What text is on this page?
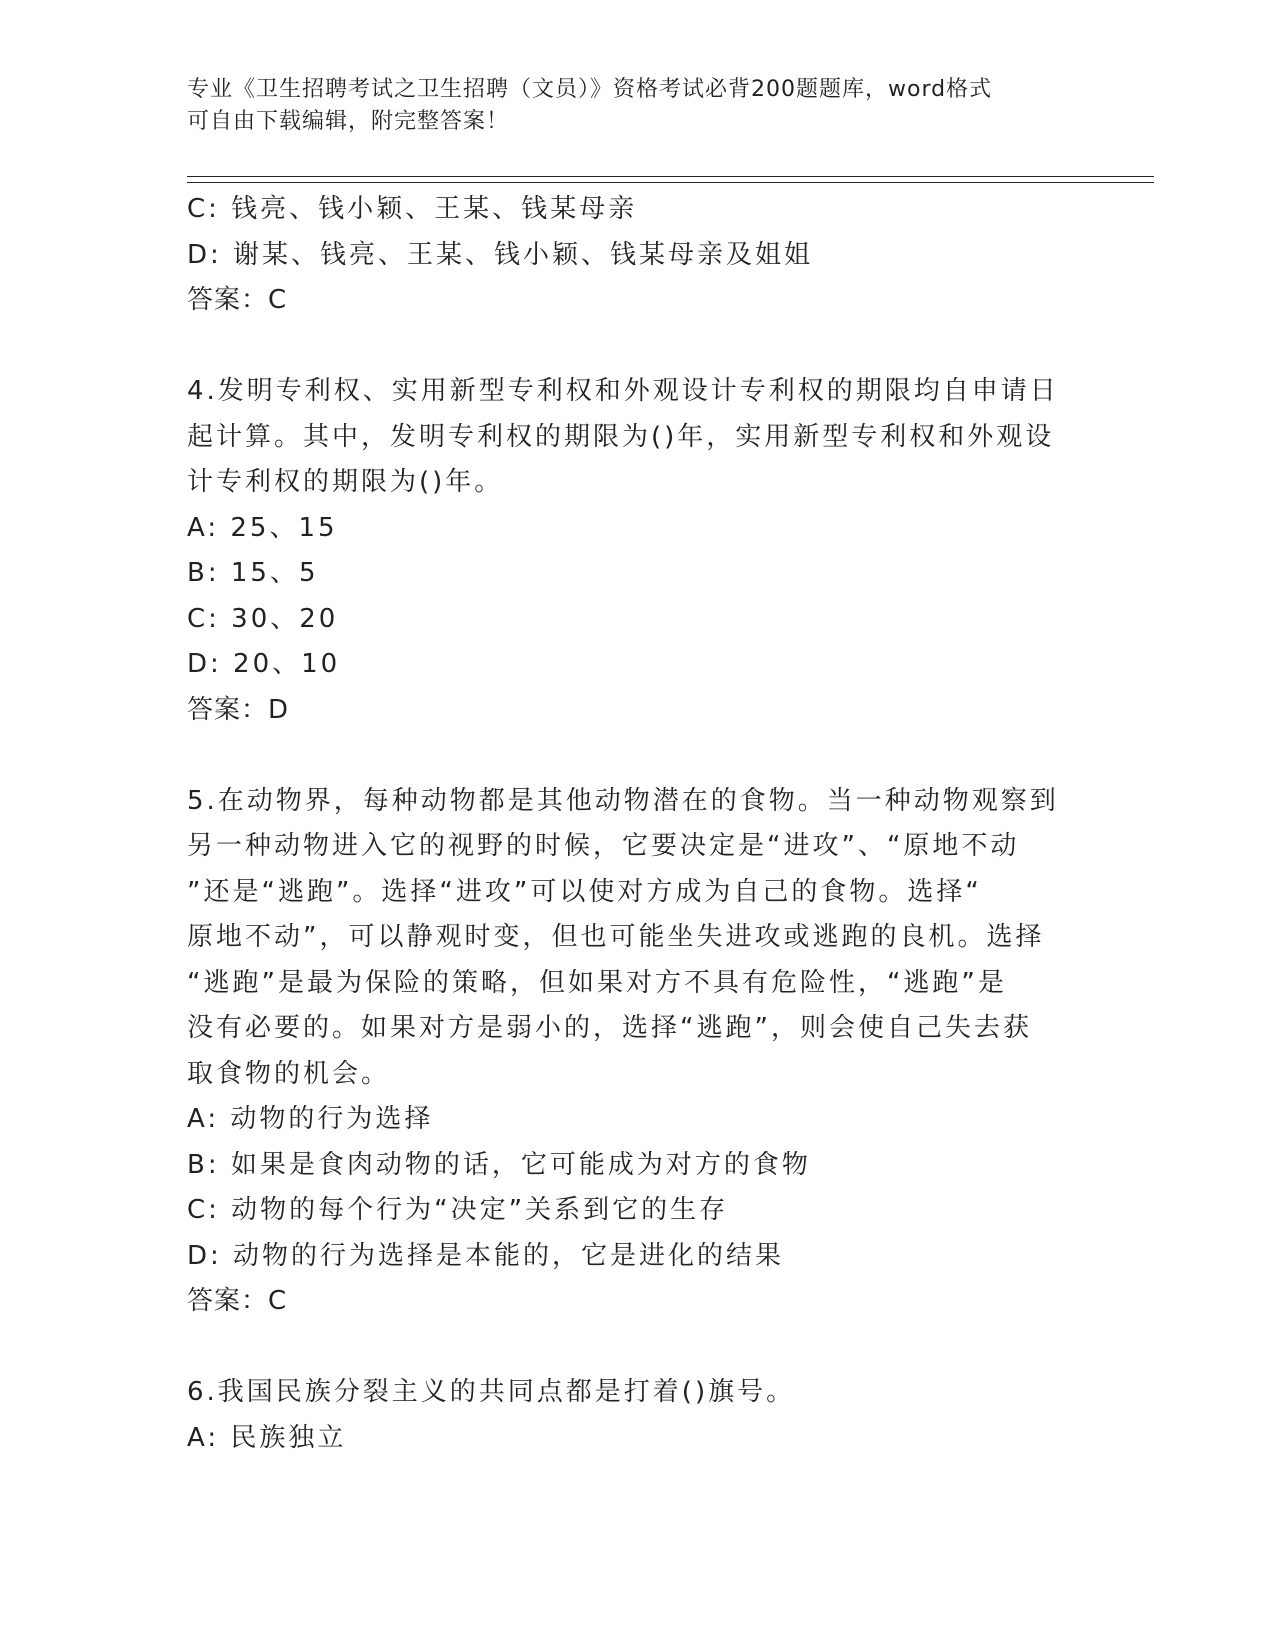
专业《卫生招聘考试之卫生招聘（文员）》资格考试必背200题题库，word格式
可自由下载编辑，附完整答案！
C: 钱亮、钱小颖、王某、钱某母亲
D: 谢某、钱亮、王某、钱小颖、钱某母亲及姐姐
答案：C
4.发明专利权、实用新型专利权和外观设计专利权的期限均自申请日
起计算。其中，发明专利权的期限为()年，实用新型专利权和外观设
计专利权的期限为()年。
A: 25、15
B: 15、5
C: 30、20
D: 20、10
答案：D
5.在动物界，每种动物都是其他动物潜在的食物。当一种动物观察到
另一种动物进入它的视野的时候，它要决定是“进攻”、“原地不动
”还是“逃跑”。选择“进攻”可以使对方成为自己的食物。选择“
原地不动”，可以静观时变，但也可能坐失进攻或逃跑的良机。选择
“逃跑”是最为保险的策略，但如果对方不具有危险性，“逃跑”是
没有必要的。如果对方是弱小的，选择“逃跑”，则会使自己失去获
取食物的机会。
A: 动物的行为选择
B: 如果是食肉动物的话，它可能成为对方的食物
C: 动物的每个行为“决定”关系到它的生存
D: 动物的行为选择是本能的，它是进化的结果
答案：C
6.我国民族分裂主义的共同点都是打着()旗号。
A: 民族独立
